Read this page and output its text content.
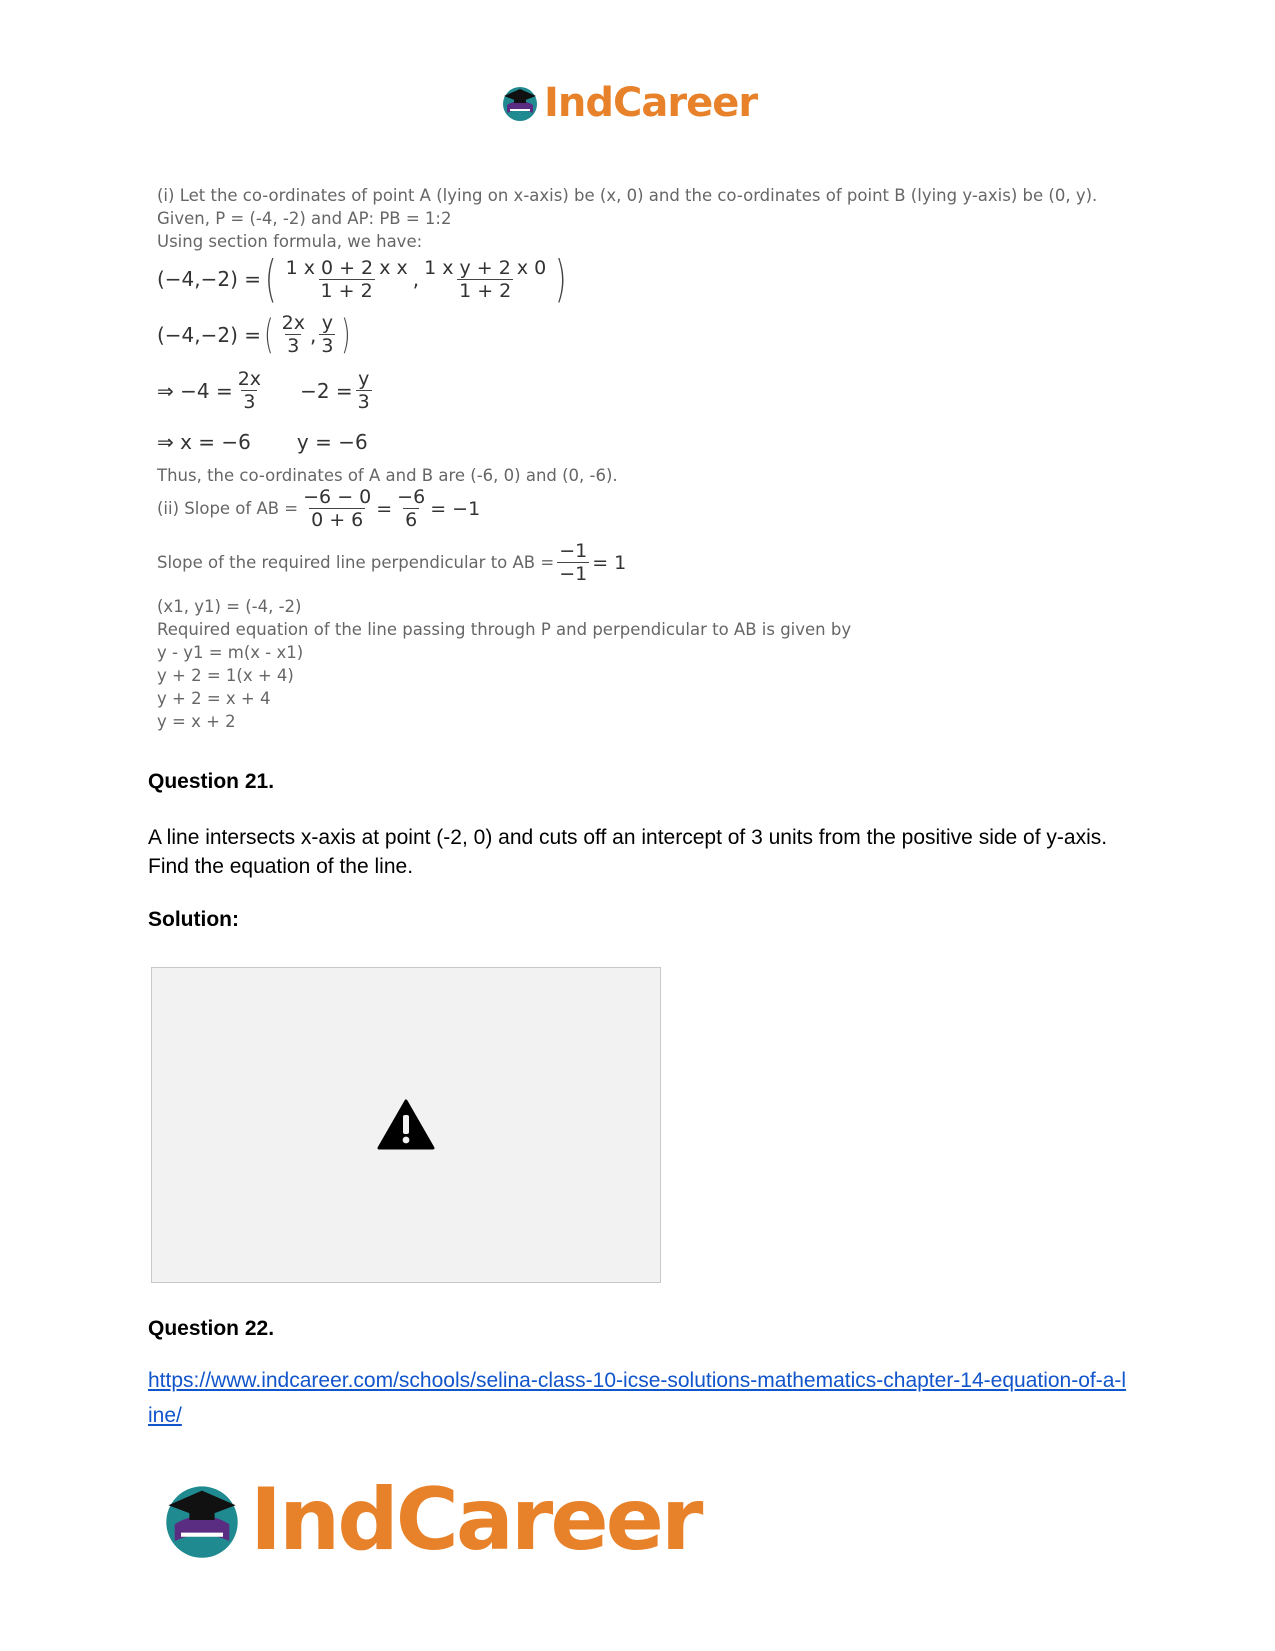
IndCareer
(i) Let the co-ordinates of point A (lying on x-axis) be (x, 0) and the co-ordinates of point B (lying y-axis) be (0, y).
Given, P = (-4, -2) and AP: PB = 1:2
Using section formula, we have:
(−4,−2) = ( $\frac{\text{1 x 0 + 2 x x}}{1 + 2}$ , $\frac{\text{1 x y + 2 x 0}}{1 + 2}$ )
(−4,−2) = ( $\frac{2x}{3}$ , $\frac{y}{3}$ )
⇒ $-4 = \frac{2x}{3} -2 = \frac{y}{3}$
⇒ x = −6 y = −6
Thus, the co-ordinates of A and B are (-6, 0) and (0, -6).
(ii) Slope of AB = $\frac{-6 - 0}{0 + 6} = \frac{-6}{6} = -1$
Slope of the required line perpendicular to AB = $\frac{-1}{-1} = 1$
(x1, y1) = (-4, -2)
Required equation of the line passing through P and perpendicular to AB is given by
y - y1 = m(x - x1)
y + 2 = 1(x + 4)
y + 2 = x + 4
y = x + 2
Question 21.
A line intersects x-axis at point (-2, 0) and cuts off an intercept of 3 units from the positive side of y-axis. Find the equation of the line.
Solution:
Question 22.
https://www.indcareer.com/schools/selina-class-10-icse-solutions-mathematics-chapter-14-equation-of-a-line/
IndCareer
